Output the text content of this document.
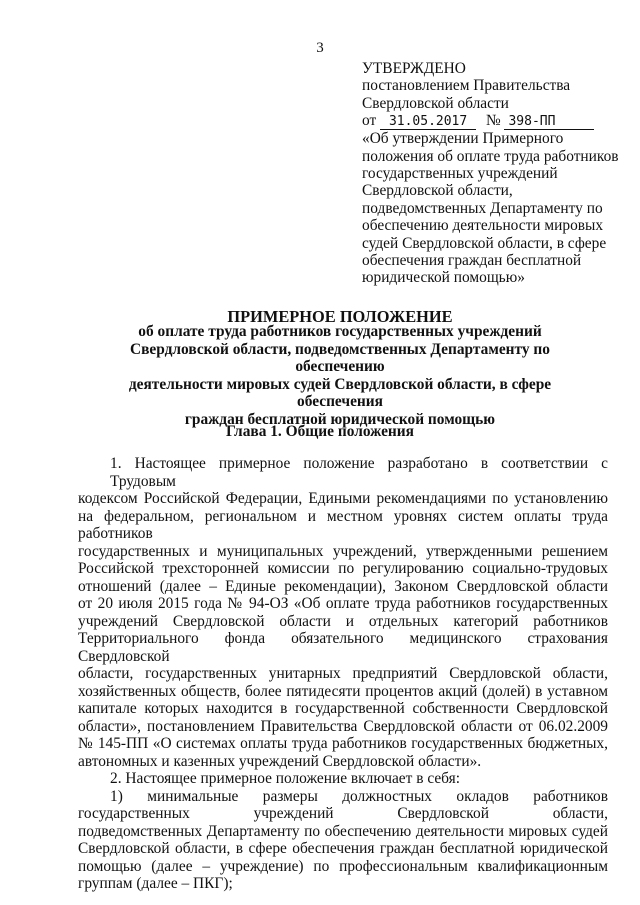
3
УТВЕРЖДЕНО
постановлением Правительства
Свердловской области
от 31.05.2017 № 398-ПП
«Об утверждении Примерного положения об оплате труда работников государственных учреждений Свердловской области, подведомственных Департаменту по обеспечению деятельности мировых судей Свердловской области, в сфере обеспечения граждан бесплатной юридической помощью»
ПРИМЕРНОЕ ПОЛОЖЕНИЕ
об оплате труда работников государственных учреждений
Свердловской области, подведомственных Департаменту по обеспечению
деятельности мировых судей Свердловской области, в сфере обеспечения
граждан бесплатной юридической помощью
Глава 1. Общие положения
1. Настоящее примерное положение разработано в соответствии с Трудовым
кодексом Российской Федерации, Едиными рекомендациями по установлению
на федеральном, региональном и местном уровнях систем оплаты труда работников
государственных и муниципальных учреждений, утвержденными решением
Российской трехсторонней комиссии по регулированию социально-трудовых
отношений (далее – Единые рекомендации), Законом Свердловской области
от 20 июля 2015 года № 94-ОЗ «Об оплате труда работников государственных
учреждений Свердловской области и отдельных категорий работников
Территориального фонда обязательного медицинского страхования Свердловской
области, государственных унитарных предприятий Свердловской области,
хозяйственных обществ, более пятидесяти процентов акций (долей) в уставном
капитале которых находится в государственной собственности Свердловской
области», постановлением Правительства Свердловской области от 06.02.2009
№ 145-ПП «О системах оплаты труда работников государственных бюджетных,
автономных и казенных учреждений Свердловской области».
2. Настоящее примерное положение включает в себя:
1) минимальные размеры должностных окладов работников
государственных учреждений Свердловской области,
подведомственных Департаменту по обеспечению деятельности мировых судей
Свердловской области, в сфере обеспечения граждан бесплатной юридической
помощью (далее – учреждение) по профессиональным квалификационным
группам (далее – ПКГ);
